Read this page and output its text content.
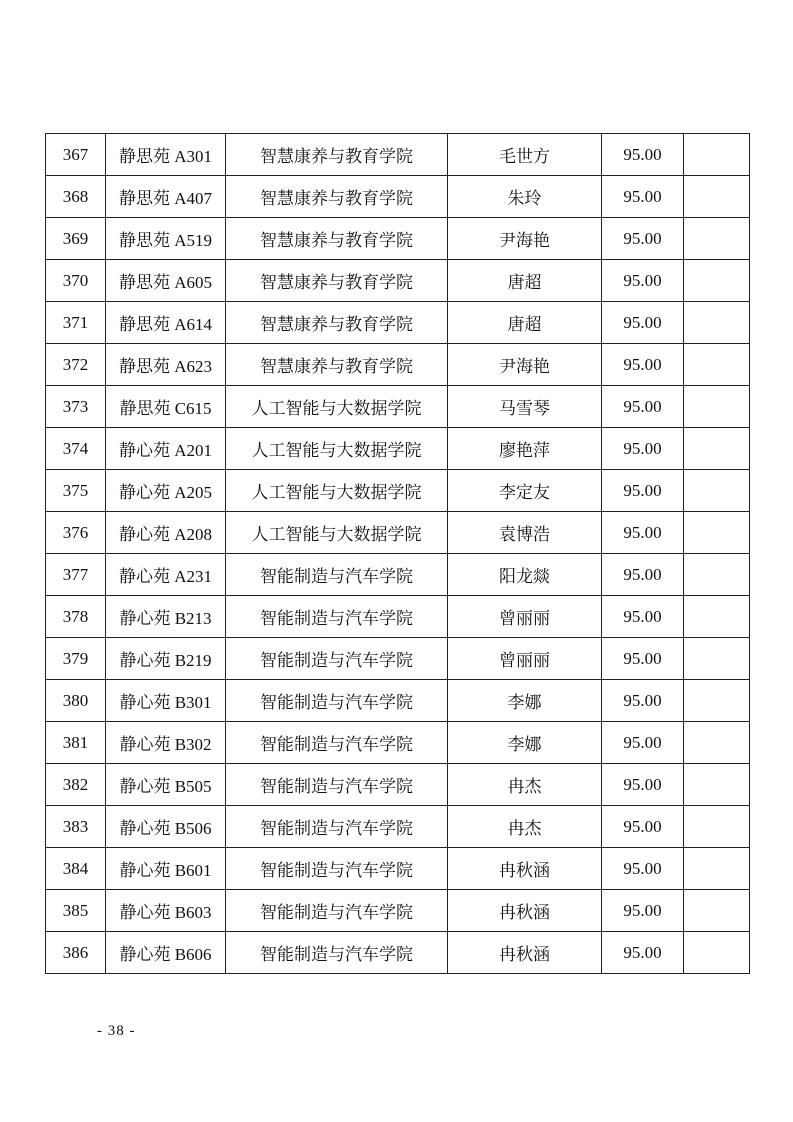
367	静思苑 A301	智慧康养与教育学院	毛世方	95.00	
368	静思苑 A407	智慧康养与教育学院	朱玲	95.00	
369	静思苑 A519	智慧康养与教育学院	尹海艳	95.00	
370	静思苑 A605	智慧康养与教育学院	唐超	95.00	
371	静思苑 A614	智慧康养与教育学院	唐超	95.00	
372	静思苑 A623	智慧康养与教育学院	尹海艳	95.00	
373	静思苑 C615	人工智能与大数据学院	马雪琴	95.00	
374	静心苑 A201	人工智能与大数据学院	廖艳萍	95.00	
375	静心苑 A205	人工智能与大数据学院	李定友	95.00	
376	静心苑 A208	人工智能与大数据学院	袁博浩	95.00	
377	静心苑 A231	智能制造与汽车学院	阳龙燚	95.00	
378	静心苑 B213	智能制造与汽车学院	曾丽丽	95.00	
379	静心苑 B219	智能制造与汽车学院	曾丽丽	95.00	
380	静心苑 B301	智能制造与汽车学院	李娜	95.00	
381	静心苑 B302	智能制造与汽车学院	李娜	95.00	
382	静心苑 B505	智能制造与汽车学院	冉杰	95.00	
383	静心苑 B506	智能制造与汽车学院	冉杰	95.00	
384	静心苑 B601	智能制造与汽车学院	冉秋涵	95.00	
385	静心苑 B603	智能制造与汽车学院	冉秋涵	95.00	
386	静心苑 B606	智能制造与汽车学院	冉秋涵	95.00	
- 38 -
